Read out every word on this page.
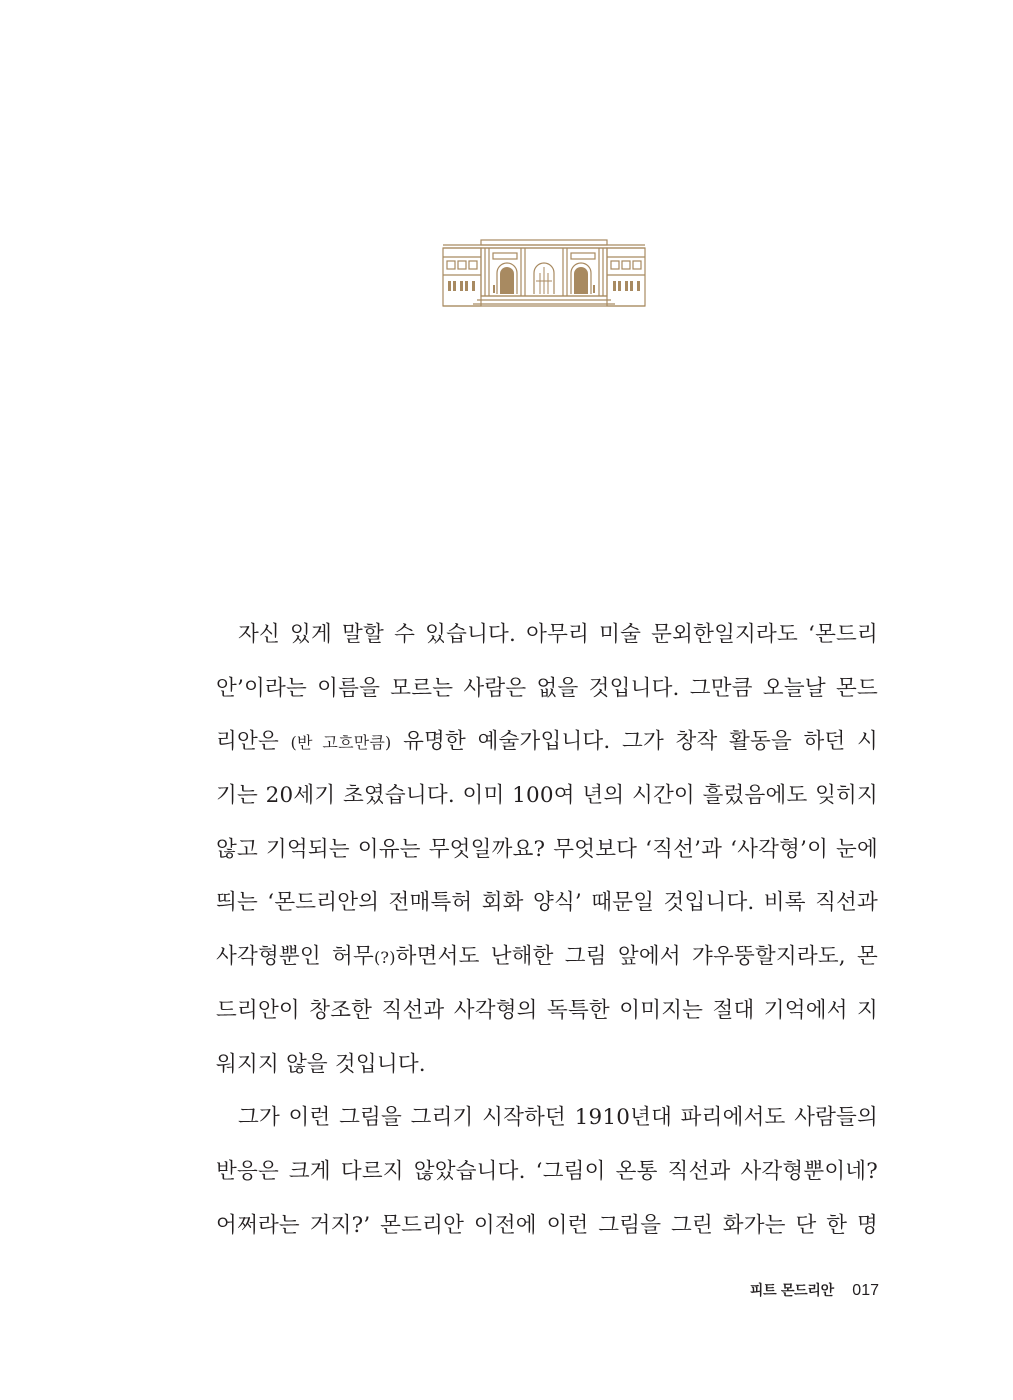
자신 있게 말할 수 있습니다. 아무리 미술 문외한일지라도 ‘몬드리
안’이라는 이름을 모르는 사람은 없을 것입니다. 그만큼 오늘날 몬드
리안은 (반 고흐만큼) 유명한 예술가입니다. 그가 창작 활동을 하던 시
기는 20세기 초였습니다. 이미 100여 년의 시간이 흘렀음에도 잊히지
않고 기억되는 이유는 무엇일까요? 무엇보다 ‘직선’과 ‘사각형’이 눈에
띄는 ‘몬드리안의 전매특허 회화 양식’ 때문일 것입니다. 비록 직선과
사각형뿐인 허무(?)하면서도 난해한 그림 앞에서 갸우뚱할지라도, 몬
드리안이 창조한 직선과 사각형의 독특한 이미지는 절대 기억에서 지
워지지 않을 것입니다.
그가 이런 그림을 그리기 시작하던 1910년대 파리에서도 사람들의
반응은 크게 다르지 않았습니다. ‘그림이 온통 직선과 사각형뿐이네?
어쩌라는 거지?’ 몬드리안 이전에 이런 그림을 그린 화가는 단 한 명
피트 몬드리안 017
